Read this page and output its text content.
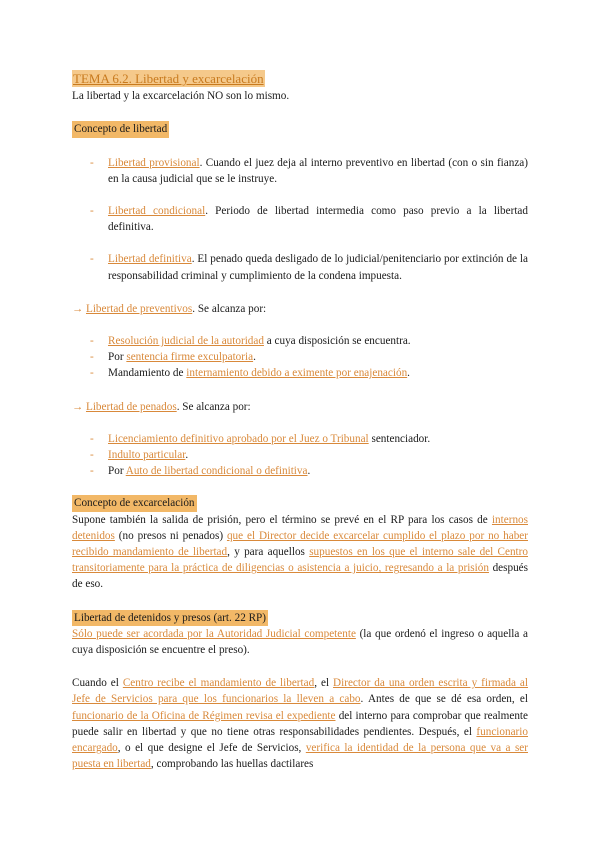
TEMA 6.2. Libertad y excarcelación

La libertad y la excarcelación NO son lo mismo.

Concepto de libertad
- Libertad provisional. Cuando el juez deja al interno preventivo en libertad (con o sin fianza) en la causa judicial que se le instruye.
- Libertad condicional. Periodo de libertad intermedia como paso previo a la libertad definitiva.
- Libertad definitiva. El penado queda desligado de lo judicial/penitenciario por extinción de la responsabilidad criminal y cumplimiento de la condena impuesta.

→ Libertad de preventivos. Se alcanza por:

- Resolución judicial de la autoridad a cuya disposición se encuentra.
- Por sentencia firme exculpatoria.
- Mandamiento de internamiento debido a eximente por enajenación.

→ Libertad de penados. Se alcanza por:

- Licenciamiento definitivo aprobado por el Juez o Tribunal sentenciador.
- Indulto particular.
- Por Auto de libertad condicional o definitiva.
Concepto de excarcelación

Supone también la salida de prisión, pero el término se prevé en el RP para los casos de internos detenidos (no presos ni penados) que el Director decide excarcelar cumplido el plazo por no haber recibido mandamiento de libertad, y para aquellos supuestos en los que el interno sale del Centro transitoriamente para la práctica de diligencias o asistencia a juicio, regresando a la prisión después de eso.

Libertad de detenidos y presos (art. 22 RP)

Sólo puede ser acordada por la Autoridad Judicial competente (la que ordenó el ingreso o aquella a cuya disposición se encuentre el preso).

Cuando el Centro recibe el mandamiento de libertad, el Director da una orden escrita y firmada al Jefe de Servicios para que los funcionarios la lleven a cabo. Antes de que se dé esa orden, el funcionario de la Oficina de Régimen revisa el expediente del interno para comprobar que realmente puede salir en libertad y que no tiene otras responsabilidades pendientes. Después, el funcionario encargado, o el que designe el Jefe de Servicios, verifica la identidad de la persona que va a ser puesta en libertad, comprobando las huellas dactilares
